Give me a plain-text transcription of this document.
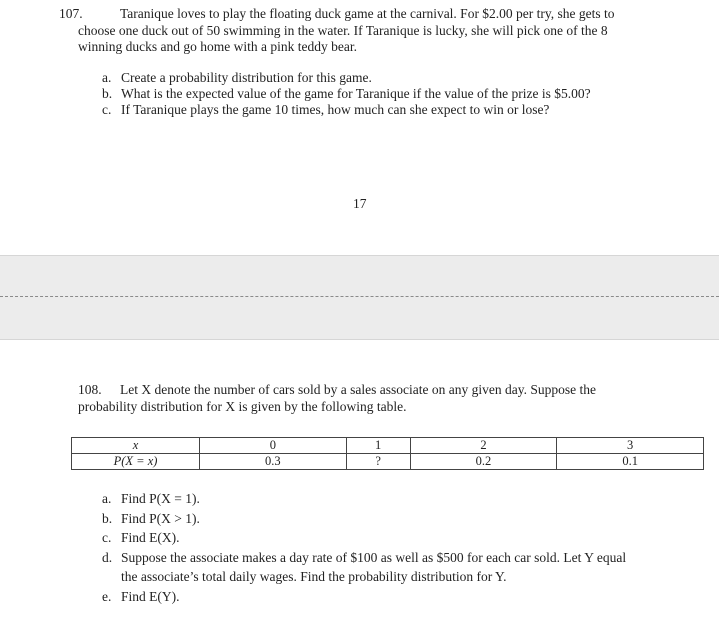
107.	Taranique loves to play the floating duck game at the carnival. For $2.00 per try, she gets to
choose one duck out of 50 swimming in the water. If Taranique is lucky, she will pick one of the 8
winning ducks and go home with a pink teddy bear.
a. Create a probability distribution for this game.
b. What is the expected value of the game for Taranique if the value of the prize is $5.00?
c. If Taranique plays the game 10 times, how much can she expect to win or lose?
17
108.	Let X denote the number of cars sold by a sales associate on any given day. Suppose the
probability distribution for X is given by the following table.
x	0	1	2	3
P(X = x)	0.3	?	0.2	0.1
a. Find P(X = 1).
b. Find P(X > 1).
c. Find E(X).
d. Suppose the associate makes a day rate of $100 as well as $500 for each car sold. Let Y equal
the associate’s total daily wages. Find the probability distribution for Y.
e. Find E(Y).
